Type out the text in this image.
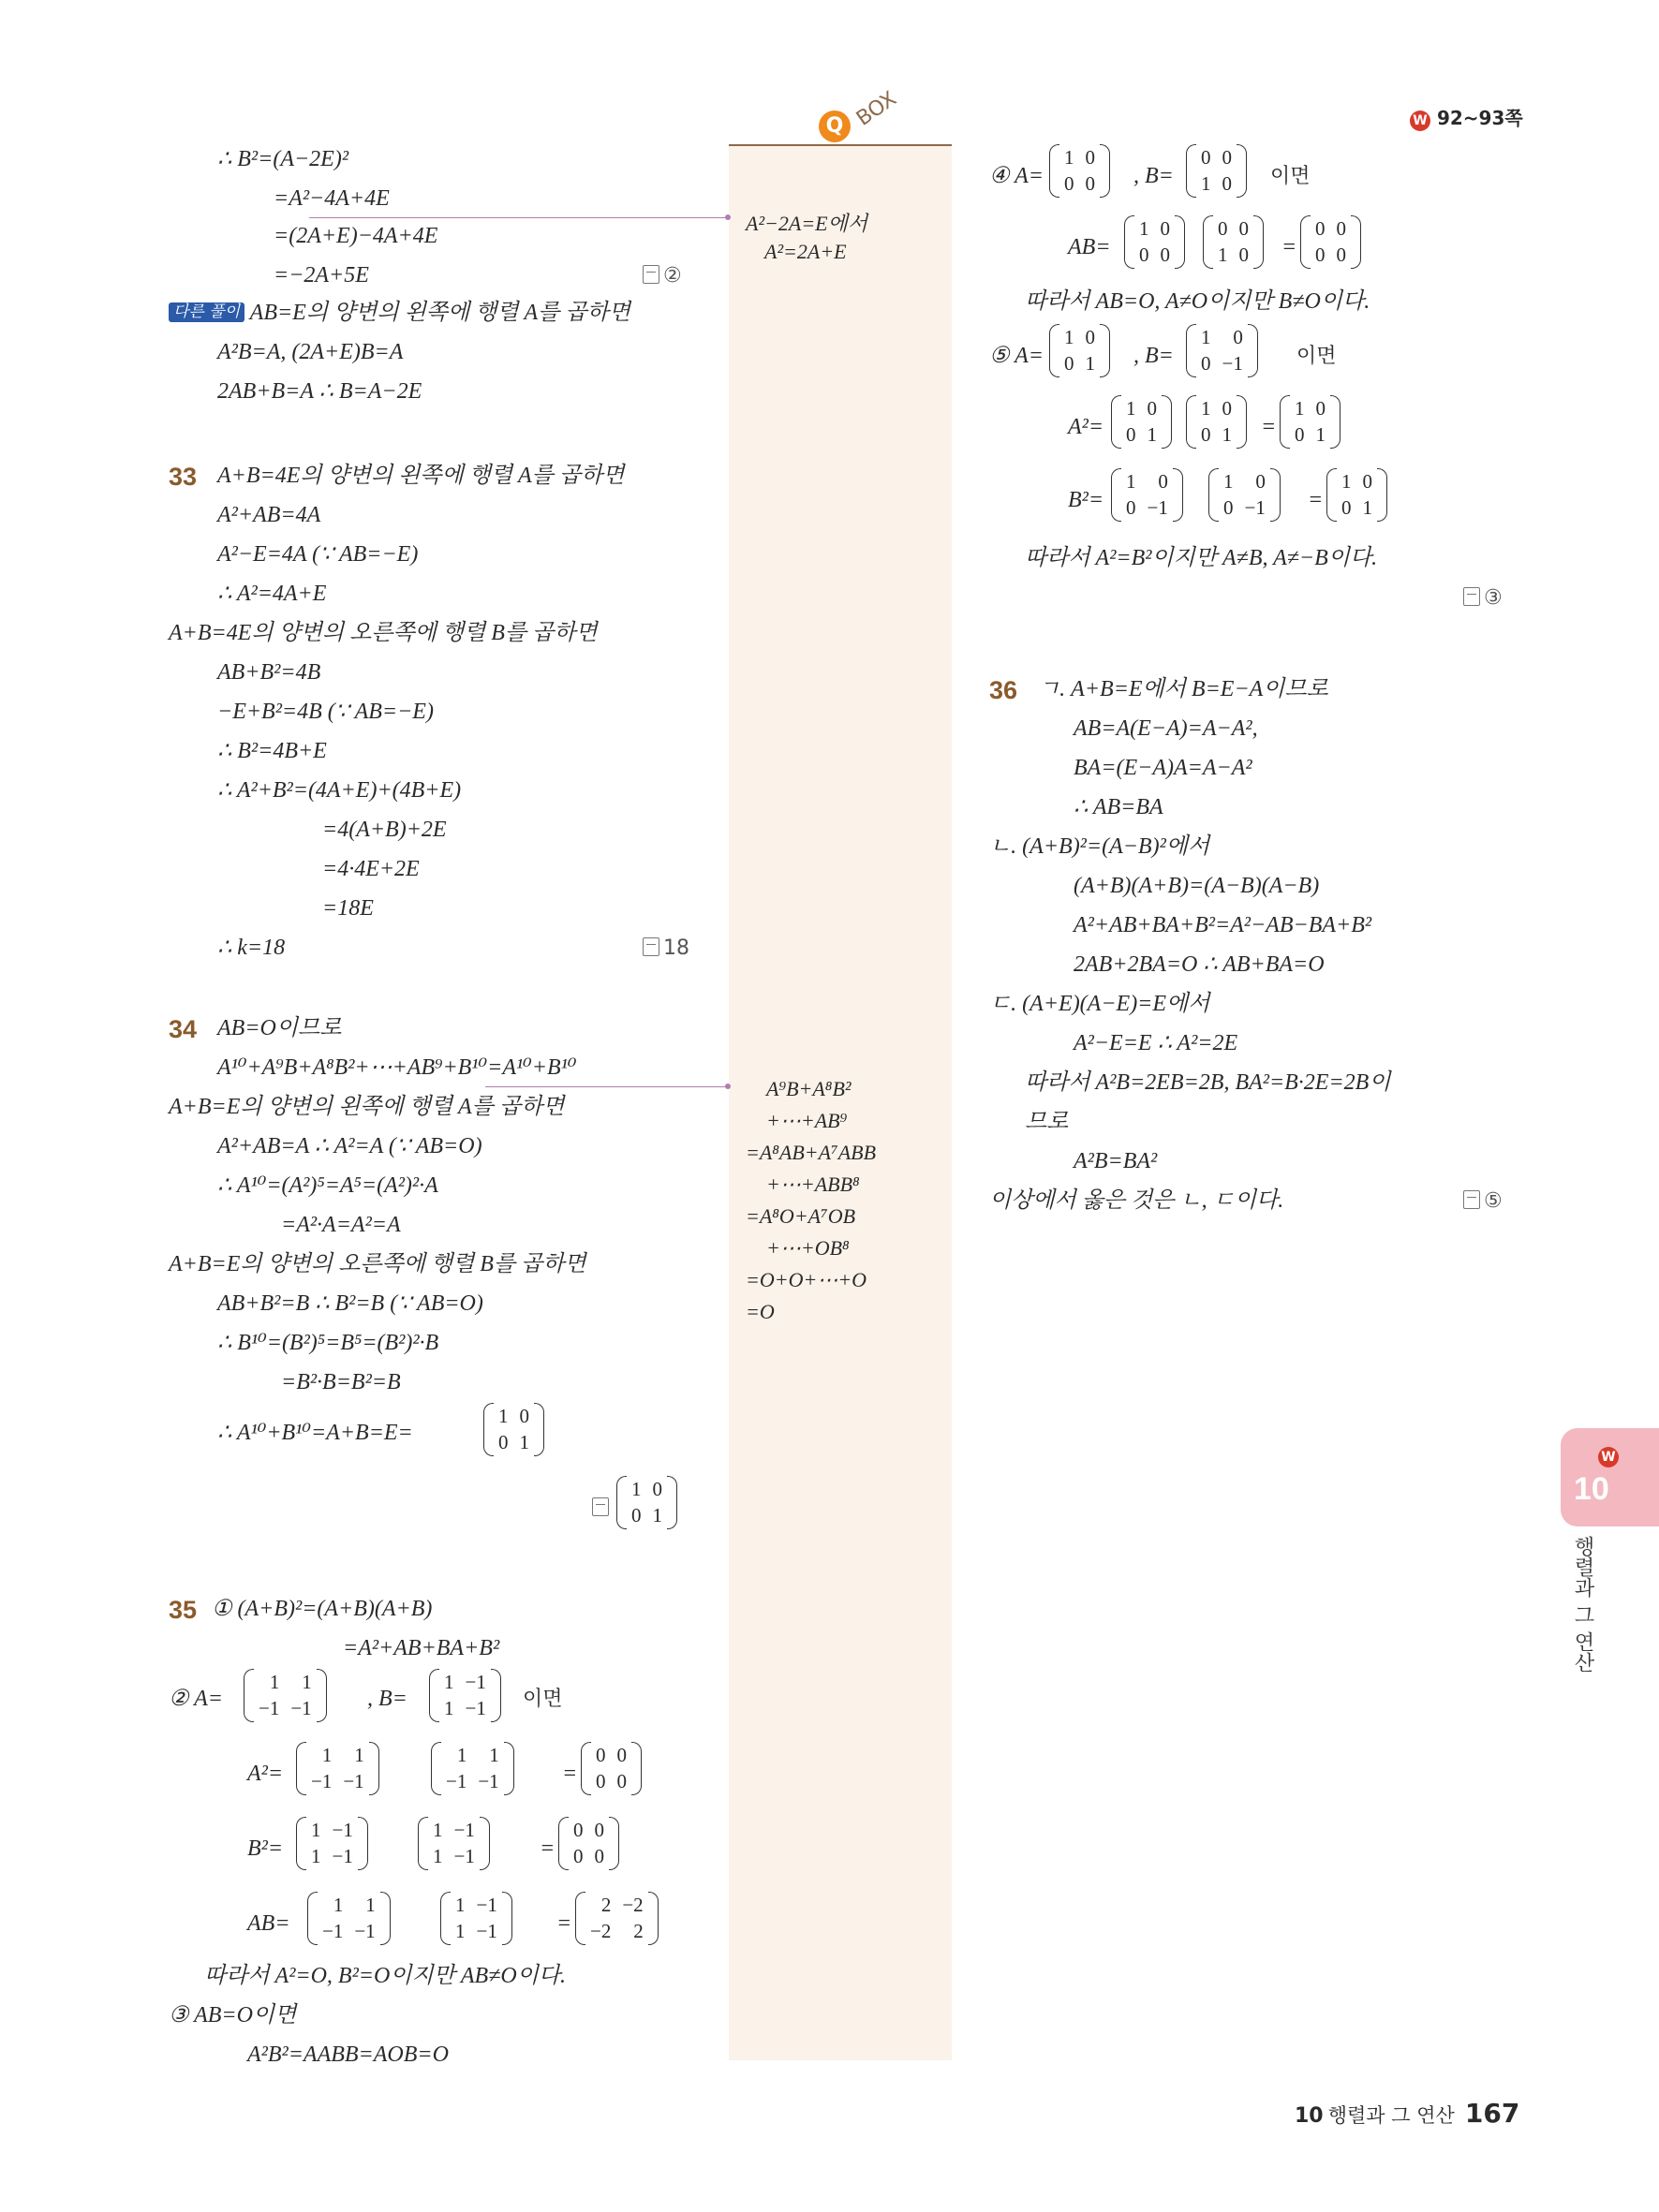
W 92~93쪽
Q BOX
A²−2A=E에서
A²=2A+E
A⁹B+A⁸B²
+⋯+AB⁹
=A⁸AB+A⁷ABB
+⋯+ABB⁸
=A⁸O+A⁷OB
+⋯+OB⁸
=O+O+⋯+O
=O
∴ B²=(A−2E)²
=A²−4A+4E
=(2A+E)−4A+4E
=−2A+5E	②
다른 풀이 AB=E의 양변의 왼쪽에 행렬 A를 곱하면
A²B=A, (2A+E)B=A
2AB+B=A ∴ B=A−2E
33 A+B=4E의 양변의 왼쪽에 행렬 A를 곱하면
A²+AB=4A
A²−E=4A (∵ AB=−E)
∴ A²=4A+E
A+B=4E의 양변의 오른쪽에 행렬 B를 곱하면
AB+B²=4B
−E+B²=4B (∵ AB=−E)
∴ B²=4B+E
∴ A²+B²=(4A+E)+(4B+E)
=4(A+B)+2E
=4·4E+2E
=18E
∴ k=18	18
34 AB=O이므로
A¹⁰+A⁹B+A⁸B²+⋯+AB⁹+B¹⁰=A¹⁰+B¹⁰
A+B=E의 양변의 왼쪽에 행렬 A를 곱하면
A²+AB=A ∴ A²=A (∵ AB=O)
∴ A¹⁰=(A²)⁵=A⁵=(A²)²·A
=A²·A=A²=A
A+B=E의 양변의 오른쪽에 행렬 B를 곱하면
AB+B²=B ∴ B²=B (∵ AB=O)
∴ B¹⁰=(B²)⁵=B⁵=(B²)²·B
=B²·B=B²=B
∴ A¹⁰+B¹⁰=A+B=E=
1	0
0	1
1	0
0	1
35 ① (A+B)²=(A+B)(A+B)
=A²+AB+BA+B²
② A=
1	1
−1	−1 , B=
1	−1
1	−1 이면
A²=
1	1
−1	−1
1	1
−1	−1	=
0	0
0	0
B²=
1	−1
1	−1
1	−1
1	−1	=
0	0
0	0
AB=
1	1
−1	−1
1	−1
1	−1	=
2	−2
−2	2
따라서 A²=O, B²=O이지만 AB≠O이다.
③ AB=O이면
A²B²=AABB=AOB=O
④ A=
1	0
0	0 , B=
0	0
1	0 이면
AB=
1	0
0	0
0	0
1	0 =
0	0
0	0
따라서 AB=O, A≠O이지만 B≠O이다.
⑤ A=
1	0
0	1 , B=
1	0
0	−1	이면
A²=
1	0
0	1
1	0
0	1 =
1	0
0	1
B²=
1	0
0	−1
1	0
0	−1 =
1	0
0	1
따라서 A²=B²이지만 A≠B, A≠−B이다.
③
36 ㄱ. A+B=E에서 B=E−A이므로
AB=A(E−A)=A−A²,
BA=(E−A)A=A−A²
∴ AB=BA
ㄴ. (A+B)²=(A−B)²에서
(A+B)(A+B)=(A−B)(A−B)
A²+AB+BA+B²=A²−AB−BA+B²
2AB+2BA=O ∴ AB+BA=O
ㄷ. (A+E)(A−E)=E에서
A²−E=E ∴ A²=2E
따라서 A²B=2EB=2B, BA²=B·2E=2B이
므로
A²B=BA²
이상에서 옳은 것은 ㄴ, ㄷ이다.	⑤
W
10
행렬과 그 연산
10 행렬과 그 연산 167
